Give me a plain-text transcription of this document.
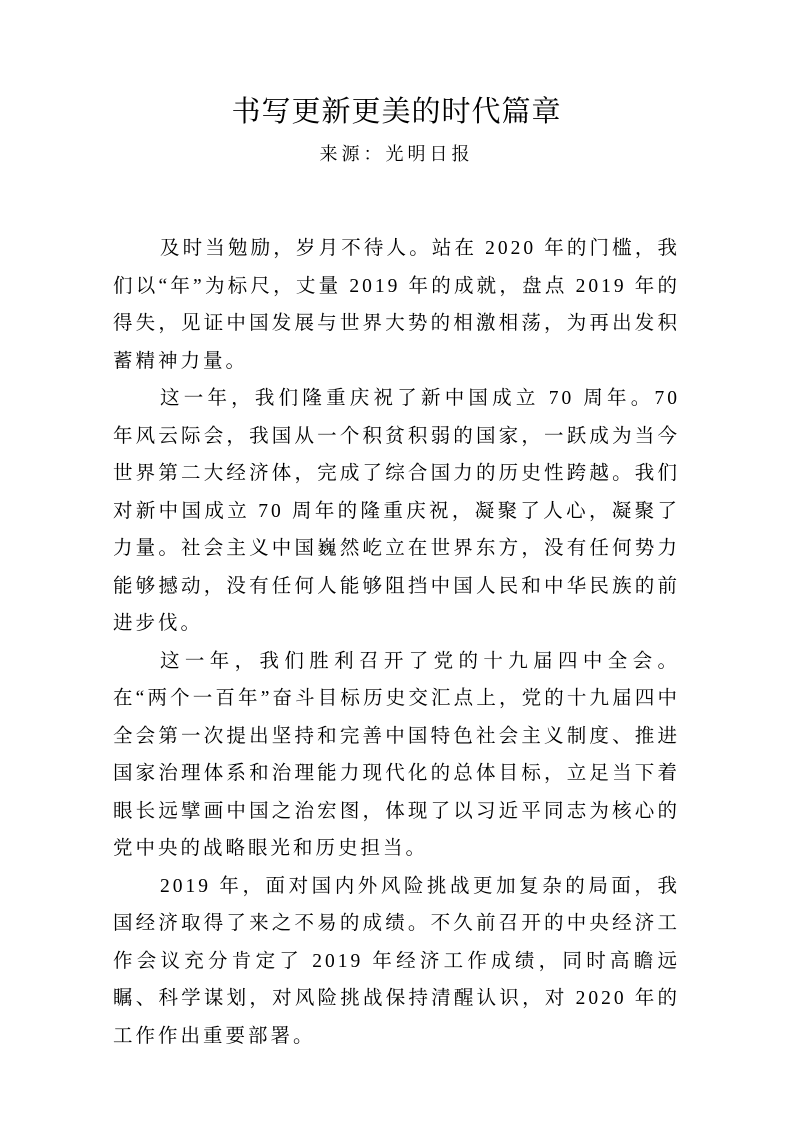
书写更新更美的时代篇章
来源：光明日报

及时当勉励，岁月不待人。站在 2020 年的门槛，我们以“年”为标尺，丈量 2019 年的成就，盘点 2019 年的得失，见证中国发展与世界大势的相激相荡，为再出发积蓄精神力量。

这一年，我们隆重庆祝了新中国成立 70 周年。70 年风云际会，我国从一个积贫积弱的国家，一跃成为当今世界第二大经济体，完成了综合国力的历史性跨越。我们对新中国成立 70 周年的隆重庆祝，凝聚了人心，凝聚了力量。社会主义中国巍然屹立在世界东方，没有任何势力能够撼动，没有任何人能够阻挡中国人民和中华民族的前进步伐。

这一年，我们胜利召开了党的十九届四中全会。在“两个一百年”奋斗目标历史交汇点上，党的十九届四中全会第一次提出坚持和完善中国特色社会主义制度、推进国家治理体系和治理能力现代化的总体目标，立足当下着眼长远擘画中国之治宏图，体现了以习近平同志为核心的党中央的战略眼光和历史担当。

2019 年，面对国内外风险挑战更加复杂的局面，我国经济取得了来之不易的成绩。不久前召开的中央经济工作会议充分肯定了 2019 年经济工作成绩，同时高瞻远瞩、科学谋划，对风险挑战保持清醒认识，对 2020 年的工作作出重要部署。
